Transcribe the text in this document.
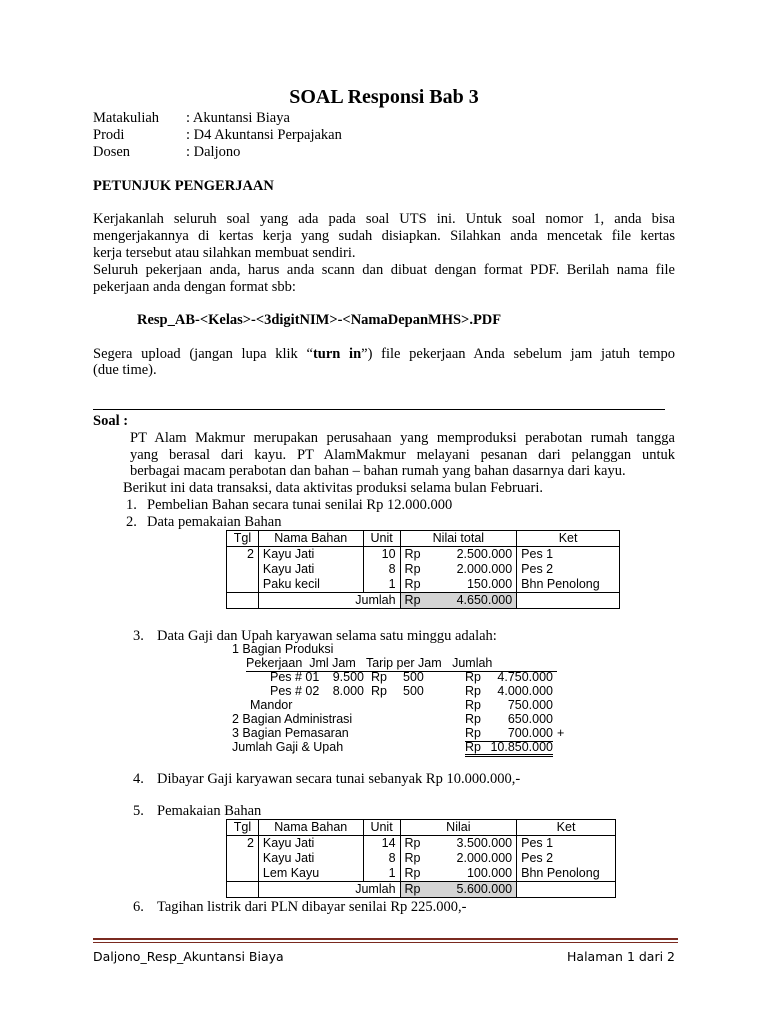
SOAL Responsi Bab 3
Matakuliah : Akuntansi Biaya
Prodi	: D4 Akuntansi Perpajakan
Dosen	: Daljono
PETUNJUK PENGERJAAN
Kerjakanlah seluruh soal yang ada pada soal UTS ini. Untuk soal nomor 1, anda bisa
mengerjakannya di kertas kerja yang sudah disiapkan. Silahkan anda mencetak file kertas
kerja tersebut atau silahkan membuat sendiri.
Seluruh pekerjaan anda, harus anda scann dan dibuat dengan format PDF. Berilah nama file
pekerjaan anda dengan format sbb:
Resp_AB-<Kelas>-<3digitNIM>-<NamaDepanMHS>.PDF
Segera upload (jangan lupa klik “turn in”) file pekerjaan Anda sebelum jam jatuh tempo
(due time).
Soal :
PT Alam Makmur merupakan perusahaan yang memproduksi perabotan rumah tangga
yang berasal dari kayu. PT AlamMakmur melayani pesanan dari pelanggan untuk
berbagai macam perabotan dan bahan – bahan rumah yang bahan dasarnya dari kayu.
Berikut ini data transaksi, data aktivitas produksi selama bulan Februari.
1. Pembelian Bahan secara tunai senilai Rp 12.000.000
2. Data pemakaian Bahan
Tgl	Nama Bahan	Unit	Nilai total		Ket
2	Kayu Jati	10	Rp	2.500.000	Pes 1
	Kayu Jati	8	Rp	2.000.000	Pes 2
	Paku kecil	1	Rp	150.000	Bhn Penolong
	Jumlah		Rp	4.650.000	
3. Data Gaji dan Upah karyawan selama satu minggu adalah:
1 Bagian Produksi
Pekerjaan  Jml Jam   Tarip per Jam   Jumlah
Pes # 01	9.500 Rp 500	Rp	4.750.000
Pes # 02	8.000 Rp 500	Rp	4.000.000
Mandor	Rp	750.000
2 Bagian Administrasi	Rp	650.000
3 Bagian Pemasaran	Rp	700.000 +
Jumlah Gaji & Upah	Rp 10.850.000
4. Dibayar Gaji karyawan secara tunai sebanyak Rp 10.000.000,-
5. Pemakaian Bahan
Tgl	Nama Bahan	Unit	Nilai		Ket
2	Kayu Jati	14	Rp	3.500.000	Pes 1
	Kayu Jati	8	Rp	2.000.000	Pes 2
	Lem Kayu	1	Rp	100.000	Bhn Penolong
	Jumlah		Rp	5.600.000	
6. Tagihan listrik dari PLN dibayar senilai Rp 225.000,-
Daljono_Resp_Akuntansi Biaya	Halaman 1 dari 2
